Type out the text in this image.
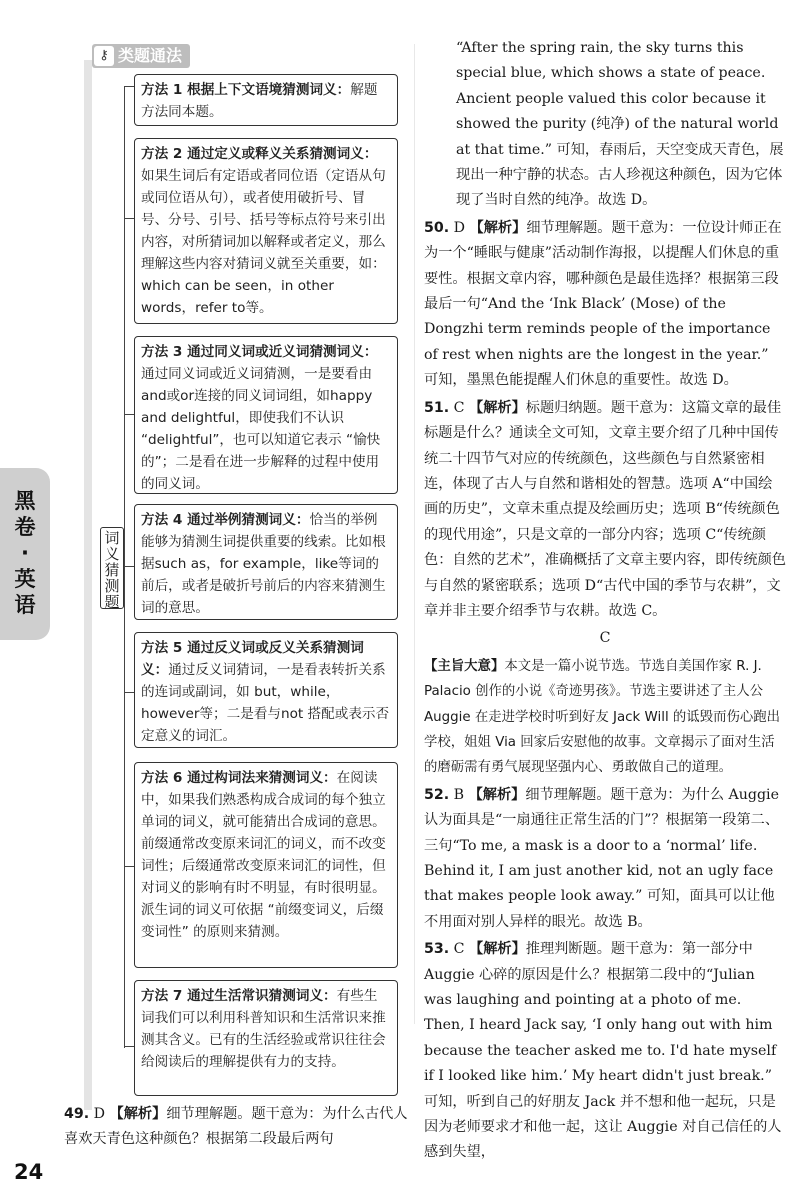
黑卷·英语
⚷ 类题通法
词义猜测题
方法 1 根据上下文语境猜测词义：解题方法同本题。
方法 2 通过定义或释义关系猜测词义：如果生词后有定语或者同位语（定语从句或同位语从句），或者使用破折号、冒号、分号、引号、括号等标点符号来引出内容，对所猜词加以解释或者定义，那么理解这些内容对猜词义就至关重要，如：which can be seen，in other words，refer to等。
方法 3 通过同义词或近义词猜测词义：通过同义词或近义词猜测，一是要看由and或or连接的同义词词组，如happy and delightful，即使我们不认识 “delightful”，也可以知道它表示 “愉快的”；二是看在进一步解释的过程中使用的同义词。
方法 4 通过举例猜测词义：恰当的举例能够为猜测生词提供重要的线索。比如根据such as，for example，like等词的前后，或者是破折号前后的内容来猜测生词的意思。
方法 5 通过反义词或反义关系猜测词义：通过反义词猜词，一是看表转折关系的连词或副词，如 but，while，however等；二是看与not 搭配或表示否定意义的词汇。
方法 6 通过构词法来猜测词义：在阅读中，如果我们熟悉构成合成词的每个独立单词的词义，就可能猜出合成词的意思。前缀通常改变原来词汇的词义，而不改变词性；后缀通常改变原来词汇的词性，但对词义的影响有时不明显，有时很明显。派生词的词义可依据 “前缀变词义，后缀变词性” 的原则来猜测。
方法 7 通过生活常识猜测词义：有些生词我们可以利用科普知识和生活常识来推测其含义。已有的生活经验或常识往往会给阅读后的理解提供有力的支持。
49. D 【解析】细节理解题。题干意为：为什么古代人喜欢天青色这种颜色？根据第二段最后两句

“After the spring rain, the sky turns this special blue, which shows a state of peace. Ancient people valued this color because it showed the purity (纯净) of the natural world at that time.” 可知，春雨后，天空变成天青色，展现出一种宁静的状态。古人珍视这种颜色，因为它体现了当时自然的纯净。故选 D。

50. D 【解析】细节理解题。题干意为：一位设计师正在为一个“睡眠与健康”活动制作海报，以提醒人们休息的重要性。根据文章内容，哪种颜色是最佳选择？根据第三段最后一句“And the ‘Ink Black’ (Mose) of the Dongzhi term reminds people of the importance of rest when nights are the longest in the year.” 可知，墨黑色能提醒人们休息的重要性。故选 D。

51. C 【解析】标题归纳题。题干意为：这篇文章的最佳标题是什么？通读全文可知，文章主要介绍了几种中国传统二十四节气对应的传统颜色，这些颜色与自然紧密相连，体现了古人与自然和谐相处的智慧。选项 A“中国绘画的历史”，文章未重点提及绘画历史；选项 B“传统颜色的现代用途”，只是文章的一部分内容；选项 C“传统颜色：自然的艺术”，准确概括了文章主要内容，即传统颜色与自然的紧密联系；选项 D“古代中国的季节与农耕”，文章并非主要介绍季节与农耕。故选 C。

C

【主旨大意】本文是一篇小说节选。节选自美国作家 R. J. Palacio 创作的小说《奇迹男孩》。节选主要讲述了主人公 Auggie 在走进学校时听到好友 Jack Will 的诋毁而伤心跑出学校，姐姐 Via 回家后安慰他的故事。文章揭示了面对生活的磨砺需有勇气展现坚强内心、勇敢做自己的道理。

52. B 【解析】细节理解题。题干意为：为什么 Auggie 认为面具是“一扇通往正常生活的门”？根据第一段第二、三句“To me, a mask is a door to a ‘normal’ life. Behind it, I am just another kid, not an ugly face that makes people look away.” 可知，面具可以让他不用面对别人异样的眼光。故选 B。

53. C 【解析】推理判断题。题干意为：第一部分中 Auggie 心碎的原因是什么？根据第二段中的“Julian was laughing and pointing at a photo of me. Then, I heard Jack say, ‘I only hang out with him because the teacher asked me to. I'd hate myself if I looked like him.’ My heart didn't just break.” 可知，听到自己的好朋友 Jack 并不想和他一起玩，只是因为老师要求才和他一起，这让 Auggie 对自己信任的人感到失望，

24
